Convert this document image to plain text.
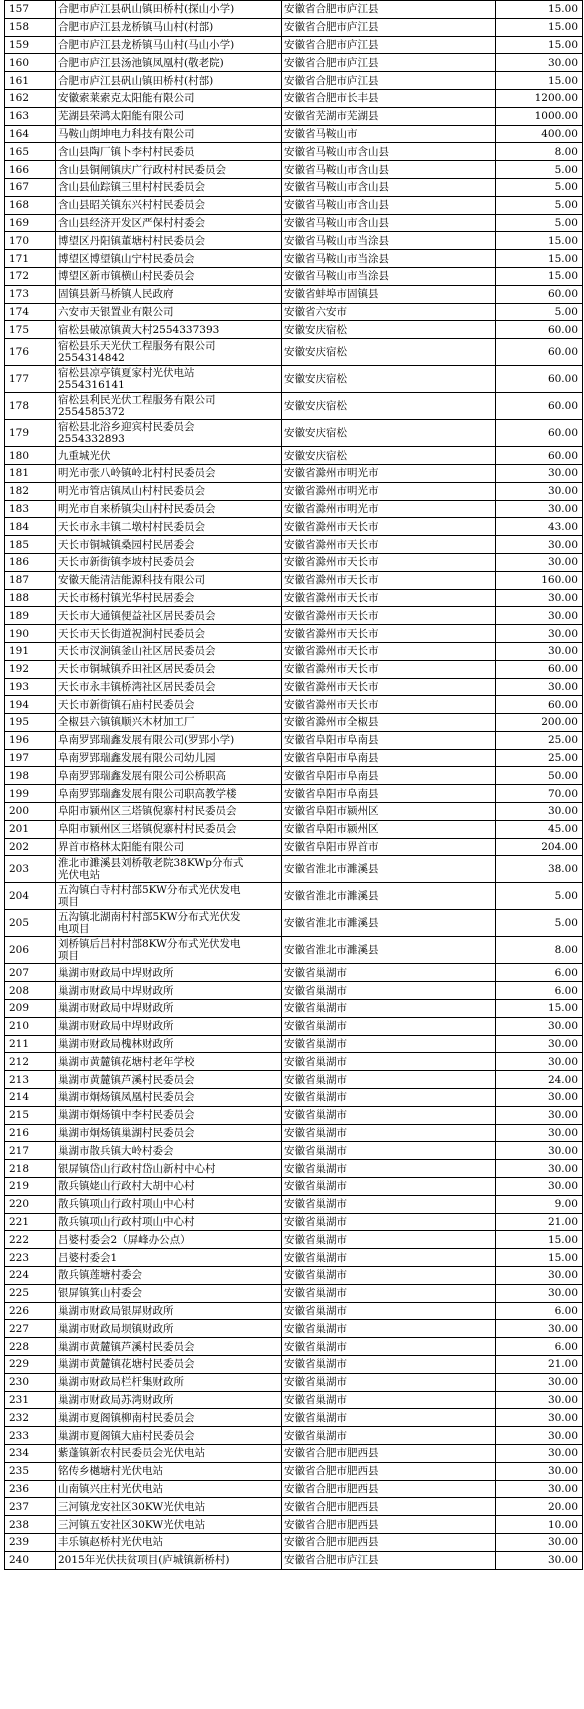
157	合肥市庐江县矾山镇田桥村(探山小学)	安徽省合肥市庐江县	15.00
158	合肥市庐江县龙桥镇马山村(村部)	安徽省合肥市庐江县	15.00
159	合肥市庐江县龙桥镇马山村(马山小学)	安徽省合肥市庐江县	15.00
160	合肥市庐江县汤池镇凤凰村(敬老院)	安徽省合肥市庐江县	30.00
161	合肥市庐江县矾山镇田桥村(村部)	安徽省合肥市庐江县	15.00
162	安徽索莱索克太阳能有限公司	安徽省合肥市长丰县	1200.00
163	芜湖县荣鸿太阳能有限公司	安徽省芜湖市芜湖县	1000.00
164	马鞍山朗坤电力科技有限公司	安徽省马鞍山市	400.00
165	含山县陶厂镇卜李村村民委员	安徽省马鞍山市含山县	8.00
166	含山县铜闸镇庆广行政村村民委员会	安徽省马鞍山市含山县	5.00
167	含山县仙踪镇三里村村民委员会	安徽省马鞍山市含山县	5.00
168	含山县昭关镇东兴村村民委员会	安徽省马鞍山市含山县	5.00
169	含山县经济开发区严保村村委会	安徽省马鞍山市含山县	5.00
170	博望区丹阳镇董塘村村民委员会	安徽省马鞍山市当涂县	15.00
171	博望区博望镇山宁村民委员会	安徽省马鞍山市当涂县	15.00
172	博望区新市镇横山村民委员会	安徽省马鞍山市当涂县	15.00
173	固镇县新马桥镇人民政府	安徽省蚌埠市固镇县	60.00
174	六安市天银置业有限公司	安徽省六安市	5.00
175	宿松县破凉镇黄大村2554337393	安徽安庆宿松	60.00
176	宿松县乐天光伏工程服务有限公司
2554314842	安徽安庆宿松	60.00
177	宿松县凉亭镇夏家村光伏电站
2554316141	安徽安庆宿松	60.00
178	宿松县利民光伏工程服务有限公司
2554585372	安徽安庆宿松	60.00
179	宿松县北浴乡迎宾村民委员会
2554332893	安徽安庆宿松	60.00
180	九重城光伏	安徽安庆宿松	60.00
181	明光市张八岭镇岭北村村民委员会	安徽省滁州市明光市	30.00
182	明光市管店镇凤山村村民委员会	安徽省滁州市明光市	30.00
183	明光市自来桥镇尖山村村民委员会	安徽省滁州市明光市	30.00
184	天长市永丰镇二墩村村民委员会	安徽省滁州市天长市	43.00
185	天长市铜城镇桑园村民居委会	安徽省滁州市天长市	30.00
186	天长市新街镇李坡村民委员会	安徽省滁州市天长市	30.00
187	安徽天能清洁能源科技有限公司	安徽省滁州市天长市	160.00
188	天长市杨村镇光华村民居委会	安徽省滁州市天长市	30.00
189	天长市大通镇便益社区居民委员会	安徽省滁州市天长市	30.00
190	天长市天长街道祝涧村民委员会	安徽省滁州市天长市	30.00
191	天长市汊涧镇釜山社区居民委员会	安徽省滁州市天长市	30.00
192	天长市铜城镇乔田社区居民委员会	安徽省滁州市天长市	60.00
193	天长市永丰镇桥湾社区居民委员会	安徽省滁州市天长市	30.00
194	天长市新街镇石庙村民委员会	安徽省滁州市天长市	60.00
195	全椒县六镇镇顺兴木材加工厂	安徽省滁州市全椒县	200.00
196	阜南罗郢瑞鑫发展有限公司(罗郢小学)	安徽省阜阳市阜南县	25.00
197	阜南罗郢瑞鑫发展有限公司幼儿园	安徽省阜阳市阜南县	25.00
198	阜南罗郢瑞鑫发展有限公司公桥职高	安徽省阜阳市阜南县	50.00
199	阜南罗郢瑞鑫发展有限公司职高教学楼	安徽省阜阳市阜南县	70.00
200	阜阳市颍州区三塔镇倪寨村村民委员会	安徽省阜阳市颍州区	30.00
201	阜阳市颍州区三塔镇倪寨村村民委员会	安徽省阜阳市颍州区	45.00
202	界首市格林太阳能有限公司	安徽省阜阳市界首市	204.00
203	淮北市濉溪县刘桥敬老院38KWp分布式
光伏电站	安徽省淮北市濉溪县	38.00
204	五沟镇白寺村村部5KW分布式光伏发电
项目	安徽省淮北市濉溪县	5.00
205	五沟镇北湖南村村部5KW分布式光伏发
电项目	安徽省淮北市濉溪县	5.00
206	刘桥镇后吕村村部8KW分布式光伏发电
项目	安徽省淮北市濉溪县	8.00
207	巢湖市财政局中垾财政所	安徽省巢湖市	6.00
208	巢湖市财政局中垾财政所	安徽省巢湖市	6.00
209	巢湖市财政局中垾财政所	安徽省巢湖市	15.00
210	巢湖市财政局中垾财政所	安徽省巢湖市	30.00
211	巢湖市财政局槐林财政所	安徽省巢湖市	30.00
212	巢湖市黄麓镇花塘村老年学校	安徽省巢湖市	30.00
213	巢湖市黄麓镇芦溪村民委员会	安徽省巢湖市	24.00
214	巢湖市炯炀镇凤凰村民委员会	安徽省巢湖市	30.00
215	巢湖市炯炀镇中李村民委员会	安徽省巢湖市	30.00
216	巢湖市炯炀镇巢湖村民委员会	安徽省巢湖市	30.00
217	巢湖市散兵镇大岭村委会	安徽省巢湖市	30.00
218	银屏镇岱山行政村岱山新村中心村	安徽省巢湖市	30.00
219	散兵镇姥山行政村大胡中心村	安徽省巢湖市	30.00
220	散兵镇项山行政村项山中心村	安徽省巢湖市	9.00
221	散兵镇项山行政村项山中心村	安徽省巢湖市	21.00
222	吕婆村委会2（屏峰办公点）	安徽省巢湖市	15.00
223	吕婆村委会1	安徽省巢湖市	15.00
224	散兵镇莲塘村委会	安徽省巢湖市	30.00
225	银屏镇箕山村委会	安徽省巢湖市	30.00
226	巢湖市财政局银屏财政所	安徽省巢湖市	6.00
227	巢湖市财政局坝镇财政所	安徽省巢湖市	30.00
228	巢湖市黄麓镇芦溪村民委员会	安徽省巢湖市	6.00
229	巢湖市黄麓镇花塘村民委员会	安徽省巢湖市	21.00
230	巢湖市财政局栏杆集财政所	安徽省巢湖市	30.00
231	巢湖市财政局苏湾财政所	安徽省巢湖市	30.00
232	巢湖市夏阁镇柳南村民委员会	安徽省巢湖市	30.00
233	巢湖市夏阁镇大庙村民委员会	安徽省巢湖市	30.00
234	紫蓬镇新农村民委员会光伏电站	安徽省合肥市肥西县	30.00
235	铭传乡樾塘村光伏电站	安徽省合肥市肥西县	30.00
236	山南镇兴庄村光伏电站	安徽省合肥市肥西县	30.00
237	三河镇龙安社区30KW光伏电站	安徽省合肥市肥西县	20.00
238	三河镇五安社区30KW光伏电站	安徽省合肥市肥西县	10.00
239	丰乐镇赵桥村光伏电站	安徽省合肥市肥西县	30.00
240	2015年光伏扶贫项目(庐城镇新桥村)	安徽省合肥市庐江县	30.00
